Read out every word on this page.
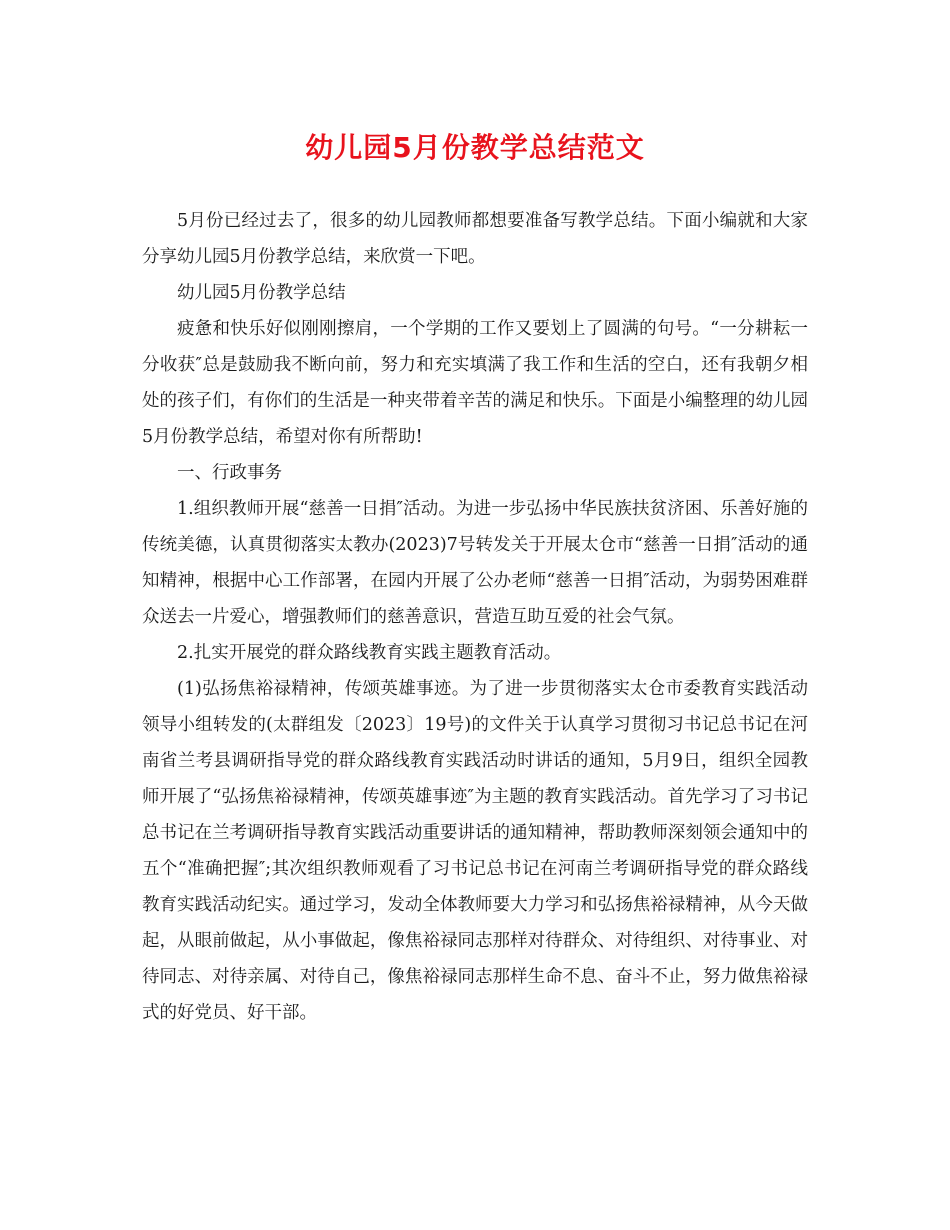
幼儿园5月份教学总结范文

5月份已经过去了，很多的幼儿园教师都想要准备写教学总结。下面小编就和大家分享幼儿园5月份教学总结，来欣赏一下吧。

幼儿园5月份教学总结

疲惫和快乐好似刚刚擦肩，一个学期的工作又要划上了圆满的句号。“一分耕耘一分收获″总是鼓励我不断向前，努力和充实填满了我工作和生活的空白，还有我朝夕相处的孩子们，有你们的生活是一种夹带着辛苦的满足和快乐。下面是小编整理的幼儿园5月份教学总结，希望对你有所帮助!

一、行政事务

1.组织教师开展“慈善一日捐″活动。为进一步弘扬中华民族扶贫济困、乐善好施的传统美德，认真贯彻落实太教办(2023)7号转发关于开展太仓市“慈善一日捐″活动的通知精神，根据中心工作部署，在园内开展了公办老师“慈善一日捐″活动，为弱势困难群众送去一片爱心，增强教师们的慈善意识，营造互助互爱的社会气氛。

2.扎实开展党的群众路线教育实践主题教育活动。

(1)弘扬焦裕禄精神，传颂英雄事迹。为了进一步贯彻落实太仓市委教育实践活动领导小组转发的(太群组发〔2023〕19号)的文件关于认真学习贯彻习书记总书记在河南省兰考县调研指导党的群众路线教育实践活动时讲话的通知，5月9日，组织全园教师开展了“弘扬焦裕禄精神，传颂英雄事迹″为主题的教育实践活动。首先学习了习书记总书记在兰考调研指导教育实践活动重要讲话的通知精神，帮助教师深刻领会通知中的五个“准确把握″;其次组织教师观看了习书记总书记在河南兰考调研指导党的群众路线教育实践活动纪实。通过学习，发动全体教师要大力学习和弘扬焦裕禄精神，从今天做起，从眼前做起，从小事做起，像焦裕禄同志那样对待群众、对待组织、对待事业、对待同志、对待亲属、对待自己，像焦裕禄同志那样生命不息、奋斗不止，努力做焦裕禄式的好党员、好干部。
